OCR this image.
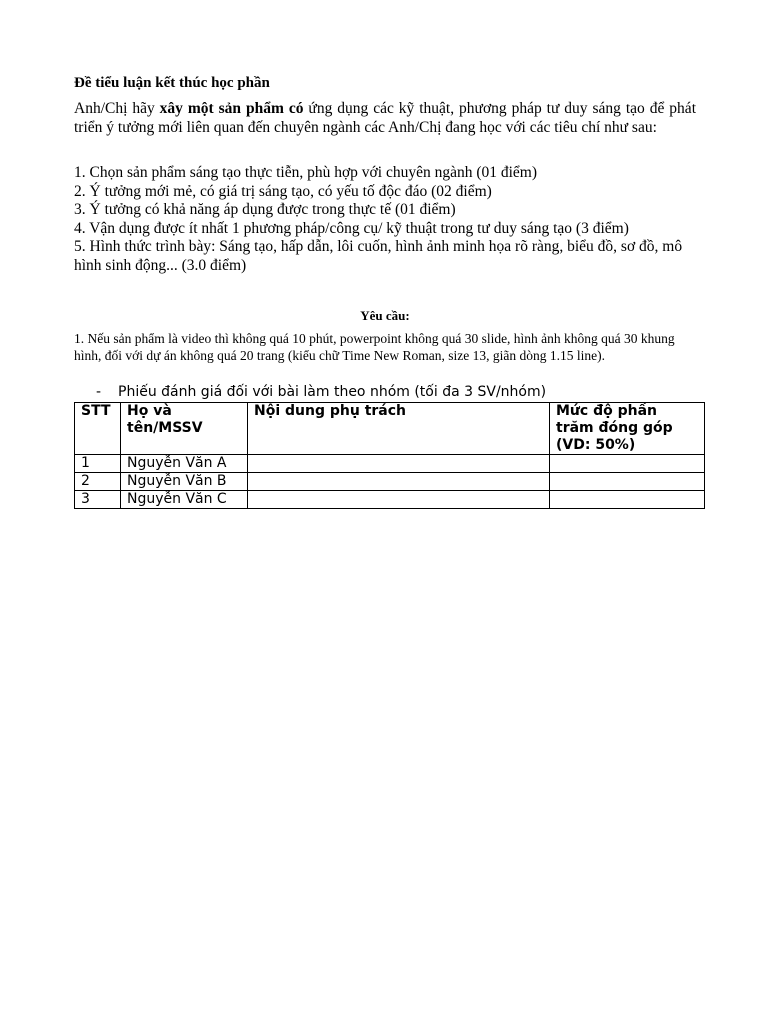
Đề tiểu luận kết thúc học phần

Anh/Chị hãy xây một sản phẩm có ứng dụng các kỹ thuật, phương pháp tư duy sáng tạo để phát triển ý tưởng mới liên quan đến chuyên ngành các Anh/Chị đang học với các tiêu chí như sau:

1. Chọn sản phẩm sáng tạo thực tiễn, phù hợp với chuyên ngành (01 điểm)
2. Ý tưởng mới mẻ, có giá trị sáng tạo, có yếu tố độc đáo (02 điểm)
3. Ý tưởng có khả năng áp dụng được trong thực tế (01 điểm)
4. Vận dụng được ít nhất 1 phương pháp/công cụ/ kỹ thuật trong tư duy sáng tạo (3 điểm)
5. Hình thức trình bày: Sáng tạo, hấp dẫn, lôi cuốn, hình ảnh minh họa rõ ràng, biểu đồ, sơ đồ, mô hình sinh động... (3.0 điểm)

Yêu cầu:

1. Nếu sản phẩm là video thì không quá 10 phút, powerpoint không quá 30 slide, hình ảnh không quá 30 khung hình, đối với dự án không quá 20 trang (kiểu chữ Time New Roman, size 13, giãn dòng 1.15 line).

-	Phiếu đánh giá đối với bài làm theo nhóm (tối đa 3 SV/nhóm)
STT	Họ và tên/MSSV	Nội dung phụ trách	Mức độ phần trăm đóng góp (VD: 50%)
1	Nguyễn Văn A		
2	Nguyễn Văn B		
3	Nguyễn Văn C		
